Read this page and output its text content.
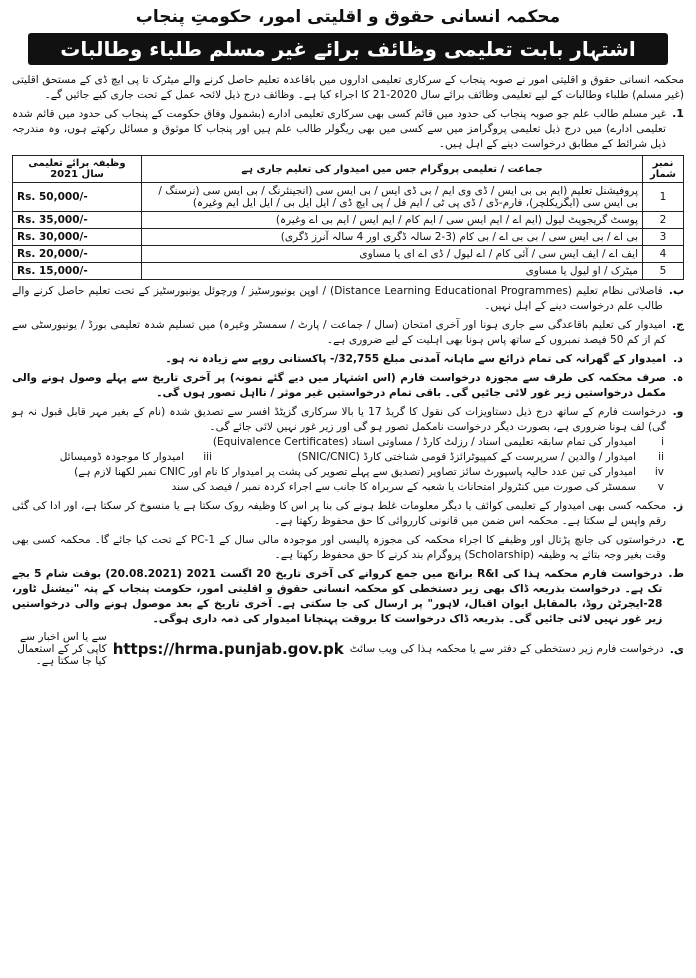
محکمہ انسانی حقوق و اقلیتی امور، حکومتِ پنجاب
اشتہار بابت تعلیمی وظائف برائے غیر مسلم طلباء وطالبات

محکمہ انسانی حقوق و اقلیتی امور نے صوبہ پنجاب کے سرکاری تعلیمی اداروں میں باقاعدہ تعلیم حاصل کرنے والے میٹرک تا پی ایچ ڈی کے مستحق اقلیتی (غیر مسلم) طلباء وطالبات کے لیے تعلیمی وظائف برائے سال 2020-21 کا اجراء کیا ہے۔ وظائف درج ذیل لائحہ عمل کے تحت جاری کیے جائیں گے۔

1.

غیر مسلم طالب علم جو صوبہ پنجاب کی حدود میں قائم کسی بھی سرکاری تعلیمی ادارے (بشمول وفاق حکومت کے پنجاب کی حدود میں قائم شدہ تعلیمی ادارے) میں درج ذیل تعلیمی پروگرامز میں سے کسی میں بھی ریگولر طالب علم ہیں اور پنجاب کا موثوق و مسائل رکھتے ہوں، وہ مندرجہ ذیل شرائط کے مطابق درخواست دینے کے اہل ہیں۔

نمبر شمار	جماعت / تعلیمی پروگرام جس میں امیدوار کی تعلیم جاری ہے	وظیفہ برائے تعلیمی سال 2021
1	پروفیشنل تعلیم (ایم بی بی ایس / ڈی وی ایم / بی ڈی ایس / بی ایس سی (انجینئرنگ / بی ایس سی (نرسنگ / بی ایس سی (ایگریکلچر)، فارم-ڈی / ڈی پی ٹی / ایم فل / پی ایچ ڈی / ایل ایل بی / ایل ایل ایم وغیرہ)	Rs. 50,000/-
2	پوسٹ گریجویٹ لیول (ایم اے / ایم ایس سی / ایم کام / ایم ایس / ایم بی اے وغیرہ)	Rs. 35,000/-
3	بی اے / بی ایس سی / بی بی اے / بی کام (3-2 سالہ ڈگری اور 4 سالہ آنرز ڈگری)	Rs. 30,000/-
4	ایف اے / ایف ایس سی / آئی کام / اے لیول / ڈی اے ای یا مساوی	Rs. 20,000/-
5	میٹرک / او لیول یا مساوی	Rs. 15,000/-
ب.

فاصلاتی نظام تعلیم (Distance Learning Educational Programmes) / اوپن یونیورسٹیز / ورچوئل یونیورسٹیز کے تحت تعلیم حاصل کرنے والے طالب علم درخواست دینے کے اہل نہیں۔

ج.

امیدوار کی تعلیم باقاعدگی سے جاری ہونا اور آخری امتحان (سال / جماعت / پارٹ / سمسٹر وغیرہ) میں تسلیم شدہ تعلیمی بورڈ / یونیورسٹی سے کم از کم 50 فیصد نمبروں کے ساتھ پاس ہونا بھی اہلیت کے لیے ضروری ہے۔

د.

امیدوار کے گھرانہ کی تمام ذرائع سے ماہانہ آمدنی مبلغ 32,755/- پاکستانی روپے سے زیادہ نہ ہو۔

ہ.

صرف محکمہ کی طرف سے مجوزہ درخواست فارم (اس اشتہار میں دیے گئے نمونہ) پر آخری تاریخ سے پہلے وصول ہونے والی مکمل درخواستیں زیر غور لائی جائیں گی۔ باقی تمام درخواستیں غیر موثر / نااہل تصور ہوں گی۔

و.

درخواست فارم کے ساتھ درج ذیل دستاویزات کی نقول کا گریڈ 17 یا بالا سرکاری گزیٹڈ افسر سے تصدیق شدہ (نام کے بغیر مہر قابل قبول نہ ہو گی) لف ہونا ضروری ہے، بصورت دیگر درخواست نامکمل تصور ہو گی اور زیر غور نہیں لائی جائے گی۔

i
امیدوار کی تمام سابقہ تعلیمی اسناد / رزلٹ کارڈ / مساوتی اسناد (Equivalence Certificates)
ii
امیدوار / والدین / سرپرست کے کمپیوٹرائزڈ قومی شناختی کارڈ (SNIC/CNIC)
iii
امیدوار کا موجودہ ڈومیسائل
iv
امیدوار کی تین عدد حالیہ پاسپورٹ سائز تصاویر (تصدیق سے پہلے تصویر کی پشت پر امیدوار کا نام اور CNIC نمبر لکھنا لازم ہے)
v
سمسٹر کی صورت میں کنٹرولر امتحانات یا شعبہ کے سربراہ کا جانب سے اجراء کردہ نمبر / فیصد کی سند
ز.

محکمہ کسی بھی امیدوار کے تعلیمی کوائف یا دیگر معلومات غلط ہونے کی بنا پر اس کا وظیفہ روک سکتا ہے یا منسوخ کر سکتا ہے، اور ادا کی گئی رقم واپس لے سکتا ہے۔ محکمہ اس ضمن میں قانونی کارروائی کا حق محفوظ رکھتا ہے۔

ح.

درخواستوں کی جانچ پڑتال اور وظیفے کا اجراء محکمہ کی مجوزہ پالیسی اور موجودہ مالی سال کے PC-1 کے تحت کیا جائے گا۔ محکمہ کسی بھی وقت بغیر وجہ بتائے یہ وظیفہ (Scholarship) پروگرام بند کرنے کا حق محفوظ رکھتا ہے۔

ط.

درخواست فارم محکمہ ہذا کی R&I برانچ میں جمع کروانے کی آخری تاریخ 20 اگست 2021 (20.08.2021) بوقت شام 5 بجے تک ہے۔ درخواست بذریعہ ڈاک بھی زیر دستخطی کو محکمہ انسانی حقوق و اقلیتی امور، حکومت پنجاب کے پتہ "نیشنل ٹاور، 28-ایجرٹن روڈ، بالمقابل ایوان اقبال، لاہور" پر ارسال کی جا سکتی ہے۔ آخری تاریخ کے بعد موصول ہونے والی درخواستیں زیر غور نہیں لائی جائیں گی۔ بذریعہ ڈاک درخواست کا بروقت پہنچانا امیدوار کی ذمہ داری ہوگی۔

ی.
درخواست فارم زیر دستخطی کے دفتر سے یا محکمہ ہذا کی ویب سائٹ
https://hrma.punjab.gov.pk
سے یا اس اخبار سے کاپی کر کے استعمال کیا جا سکتا ہے۔
